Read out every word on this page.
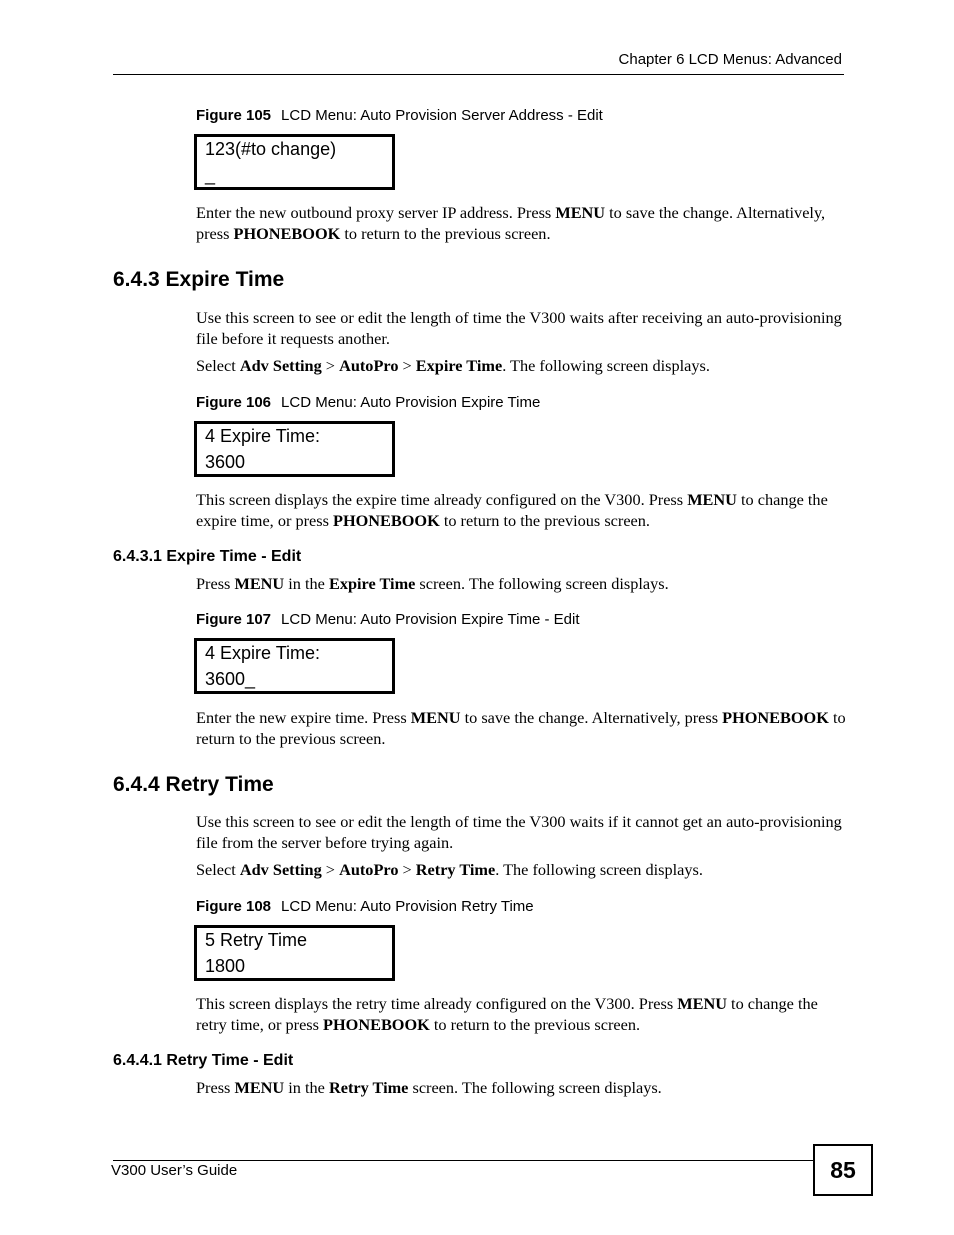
Chapter 6 LCD Menus: Advanced
Figure 105 LCD Menu: Auto Provision Server Address - Edit
123(#to change)
_
Enter the new outbound proxy server IP address. Press MENU to save the change. Alternatively, press PHONEBOOK to return to the previous screen.
6.4.3 Expire Time
Use this screen to see or edit the length of time the V300 waits after receiving an auto-provisioning file before it requests another.
Select Adv Setting > AutoPro > Expire Time. The following screen displays.
Figure 106 LCD Menu: Auto Provision Expire Time
4 Expire Time:
3600
This screen displays the expire time already configured on the V300. Press MENU to change the expire time, or press PHONEBOOK to return to the previous screen.
6.4.3.1 Expire Time - Edit
Press MENU in the Expire Time screen. The following screen displays.
Figure 107 LCD Menu: Auto Provision Expire Time - Edit
4 Expire Time:
3600_
Enter the new expire time. Press MENU to save the change. Alternatively, press PHONEBOOK to return to the previous screen.
6.4.4 Retry Time
Use this screen to see or edit the length of time the V300 waits if it cannot get an auto-provisioning file from the server before trying again.
Select Adv Setting > AutoPro > Retry Time. The following screen displays.
Figure 108 LCD Menu: Auto Provision Retry Time
5 Retry Time
1800
This screen displays the retry time already configured on the V300. Press MENU to change the retry time, or press PHONEBOOK to return to the previous screen.
6.4.4.1 Retry Time - Edit
Press MENU in the Retry Time screen. The following screen displays.
V300 User’s Guide	85
